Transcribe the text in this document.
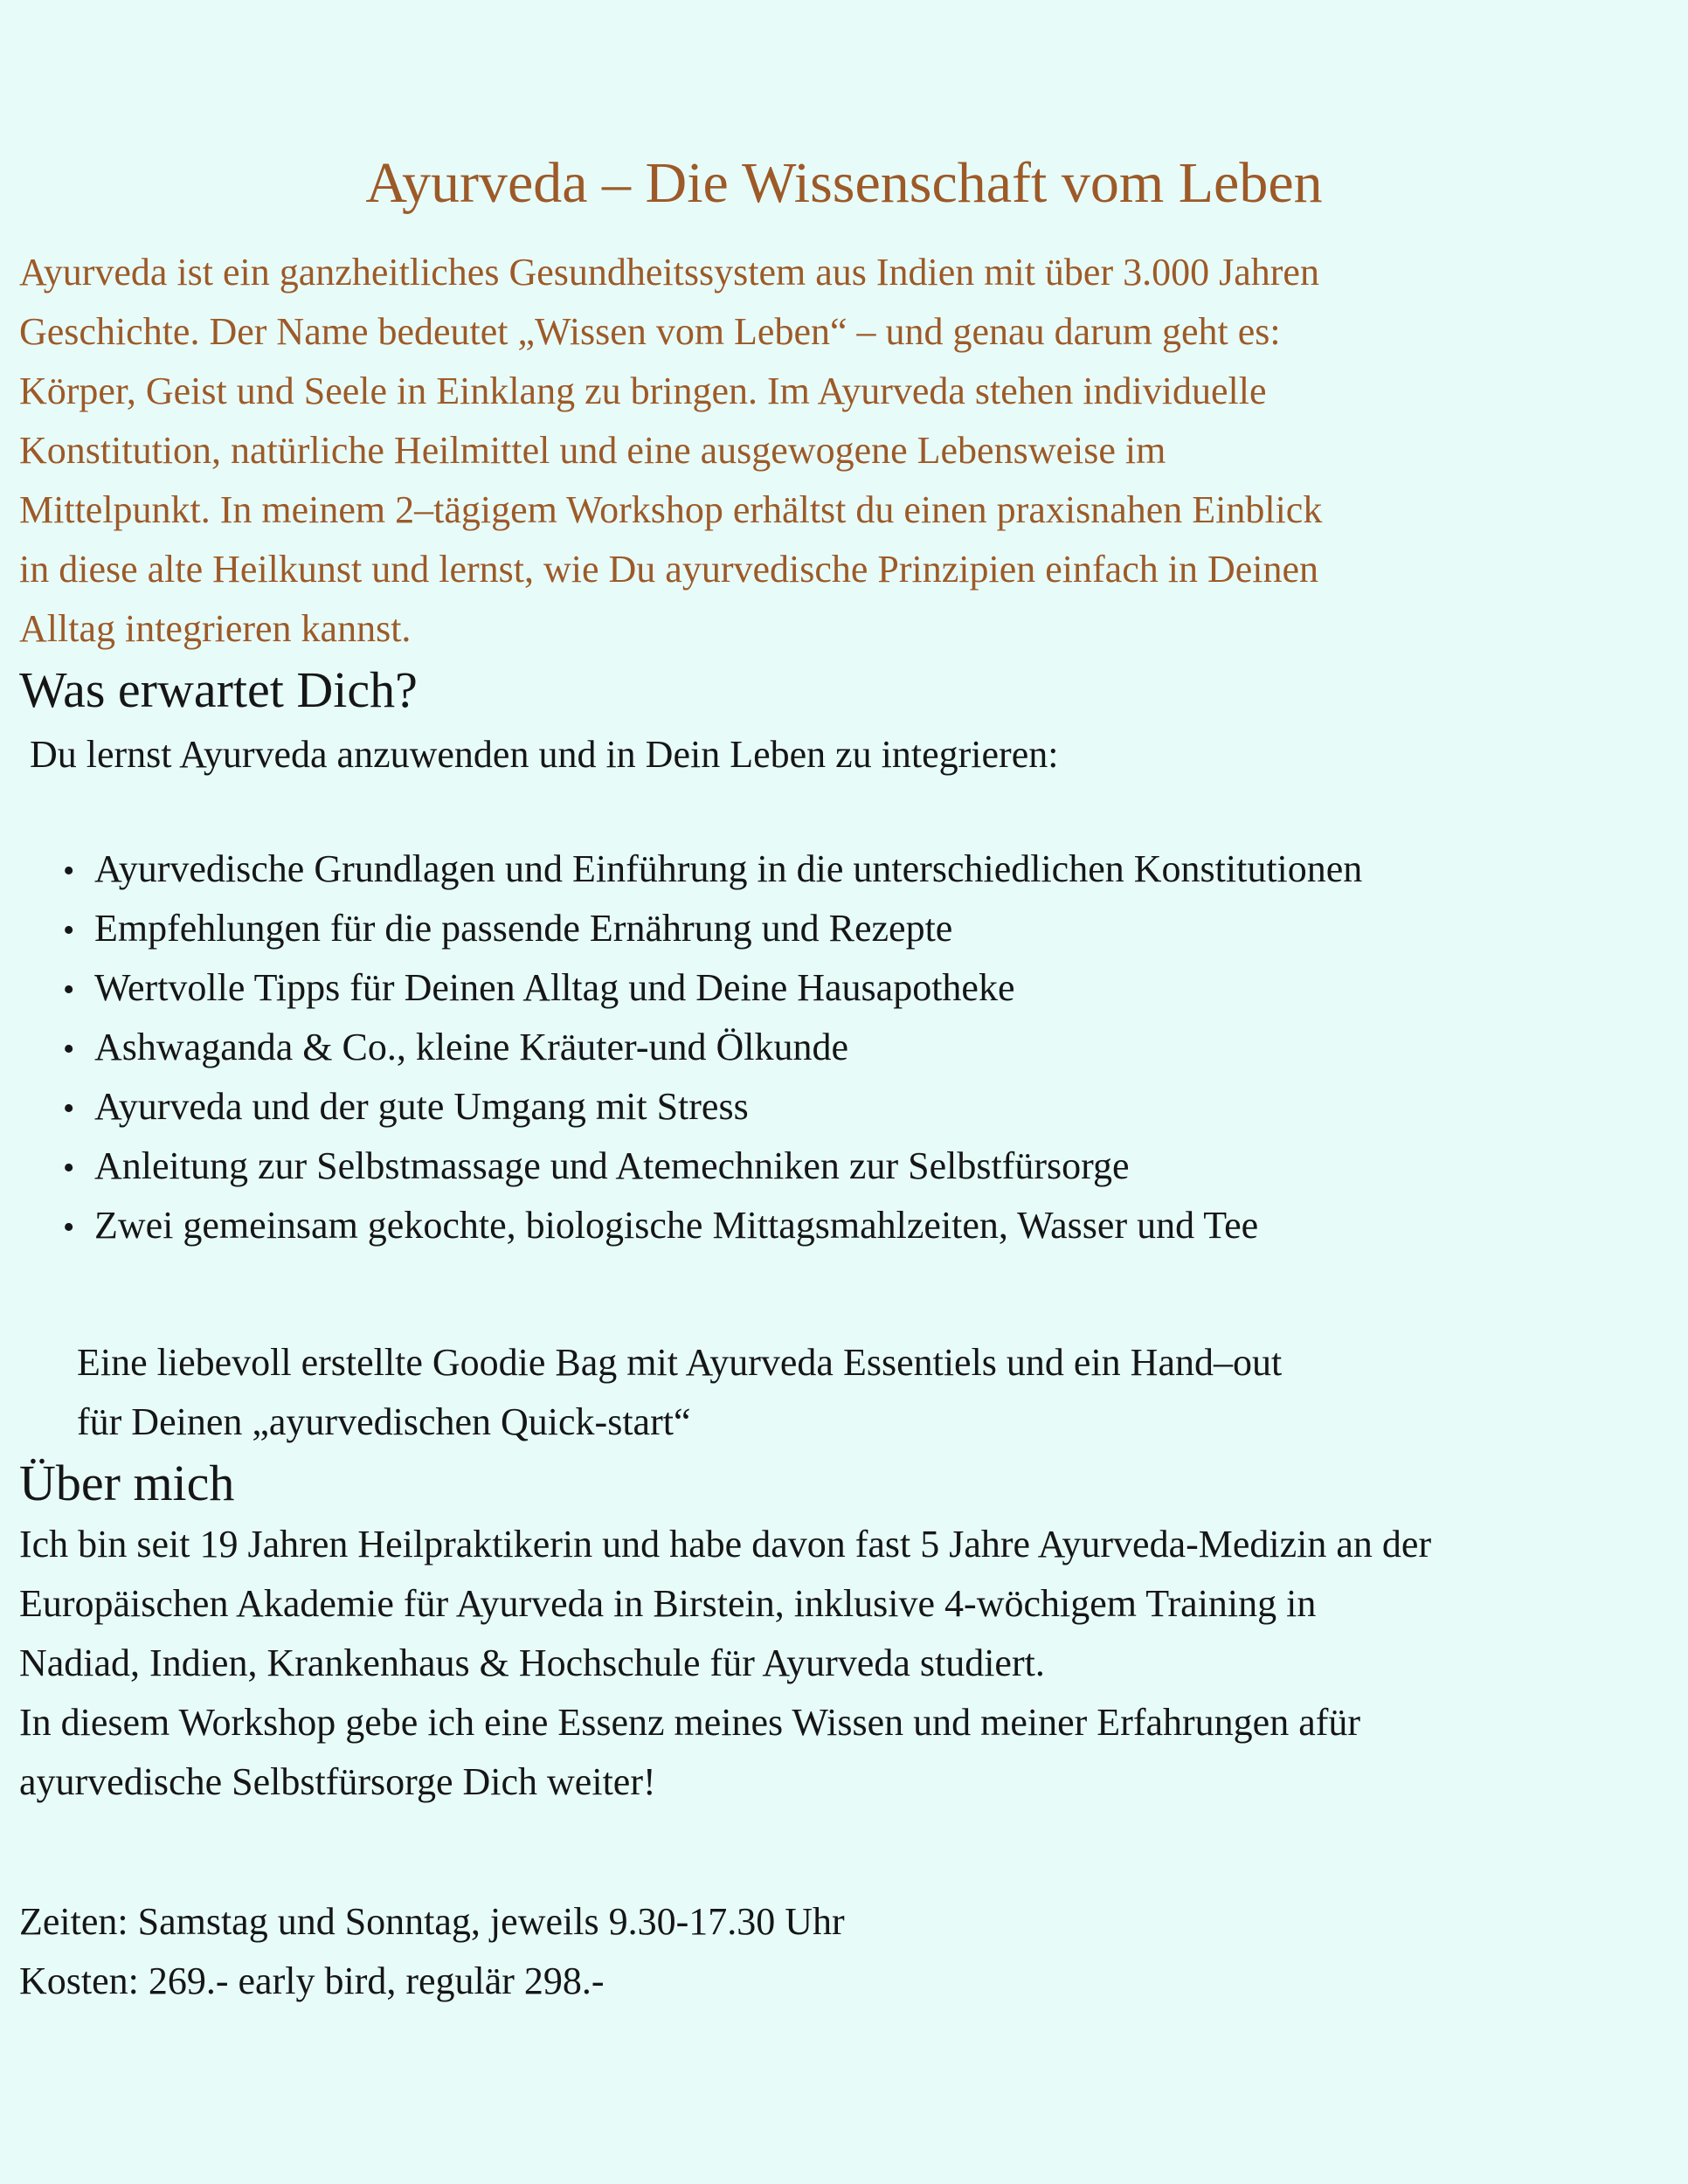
Ayurveda – Die Wissenschaft vom Leben
Ayurveda ist ein ganzheitliches Gesundheitssystem aus Indien mit über 3.000 Jahren
Geschichte. Der Name bedeutet „Wissen vom Leben“ – und genau darum geht es:
Körper, Geist und Seele in Einklang zu bringen. Im Ayurveda stehen individuelle
Konstitution, natürliche Heilmittel und eine ausgewogene Lebensweise im
Mittelpunkt. In meinem 2–tägigem Workshop erhältst du einen praxisnahen Einblick
in diese alte Heilkunst und lernst, wie Du ayurvedische Prinzipien einfach in Deinen
Alltag integrieren kannst.
Was erwartet Dich?
Du lernst Ayurveda anzuwenden und in Dein Leben zu integrieren:
• Ayurvedische Grundlagen und Einführung in die unterschiedlichen Konstitutionen
• Empfehlungen für die passende Ernährung und Rezepte
• Wertvolle Tipps für Deinen Alltag und Deine Hausapotheke
• Ashwaganda & Co., kleine Kräuter-und Ölkunde
• Ayurveda und der gute Umgang mit Stress
• Anleitung zur Selbstmassage und Atemechniken zur Selbstfürsorge
• Zwei gemeinsam gekochte, biologische Mittagsmahlzeiten, Wasser und Tee
Eine liebevoll erstellte Goodie Bag mit Ayurveda Essentiels und ein Hand–out
für Deinen „ayurvedischen Quick-start“
Über mich
Ich bin seit 19 Jahren Heilpraktikerin und habe davon fast 5 Jahre Ayurveda-Medizin an der
Europäischen Akademie für Ayurveda in Birstein, inklusive 4-wöchigem Training in
Nadiad, Indien, Krankenhaus & Hochschule für Ayurveda studiert.
In diesem Workshop gebe ich eine Essenz meines Wissen und meiner Erfahrungen afür
ayurvedische Selbstfürsorge Dich weiter!
Zeiten: Samstag und Sonntag, jeweils 9.30-17.30 Uhr
Kosten: 269.- early bird, regulär 298.-
